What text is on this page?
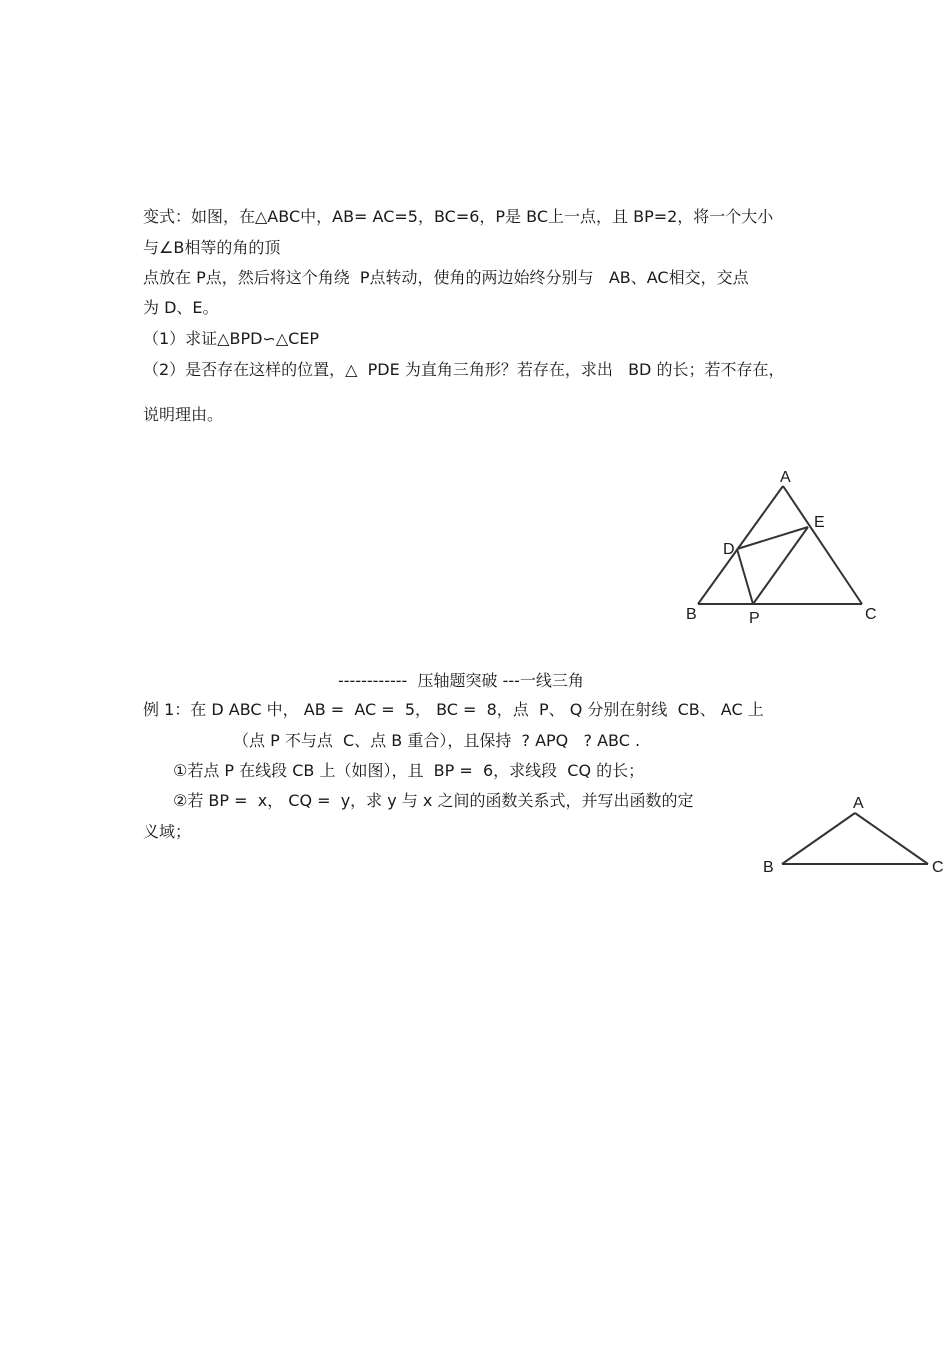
变式：如图，在△ABC中，AB= AC=5，BC=6，P是 BC上一点，且 BP=2，将一个大小
与∠B相等的角的顶
点放在 P点，然后将这个角绕  P点转动，使角的两边始终分别与   AB、AC相交，交点
为 D、E。
（1）求证△BPD∽△CEP
（2）是否存在这样的位置，△  PDE 为直角三角形？若存在，求出   BD 的长；若不存在，
说明理由。
A
E
D
B	P	C
------------  压轴题突破 ---一线三角
例 1：在 D ABC 中， AB =  AC =  5， BC =  8，点  P、 Q 分别在射线  CB、 AC 上
（点 P 不与点  C、点 B 重合），且保持  ? APQ   ? ABC .
①若点 P 在线段 CB 上（如图），且  BP =  6，求线段  CQ 的长；
②若 BP =  x， CQ =  y，求 y 与 x 之间的函数关系式，并写出函数的定
义域；
A
B	C
